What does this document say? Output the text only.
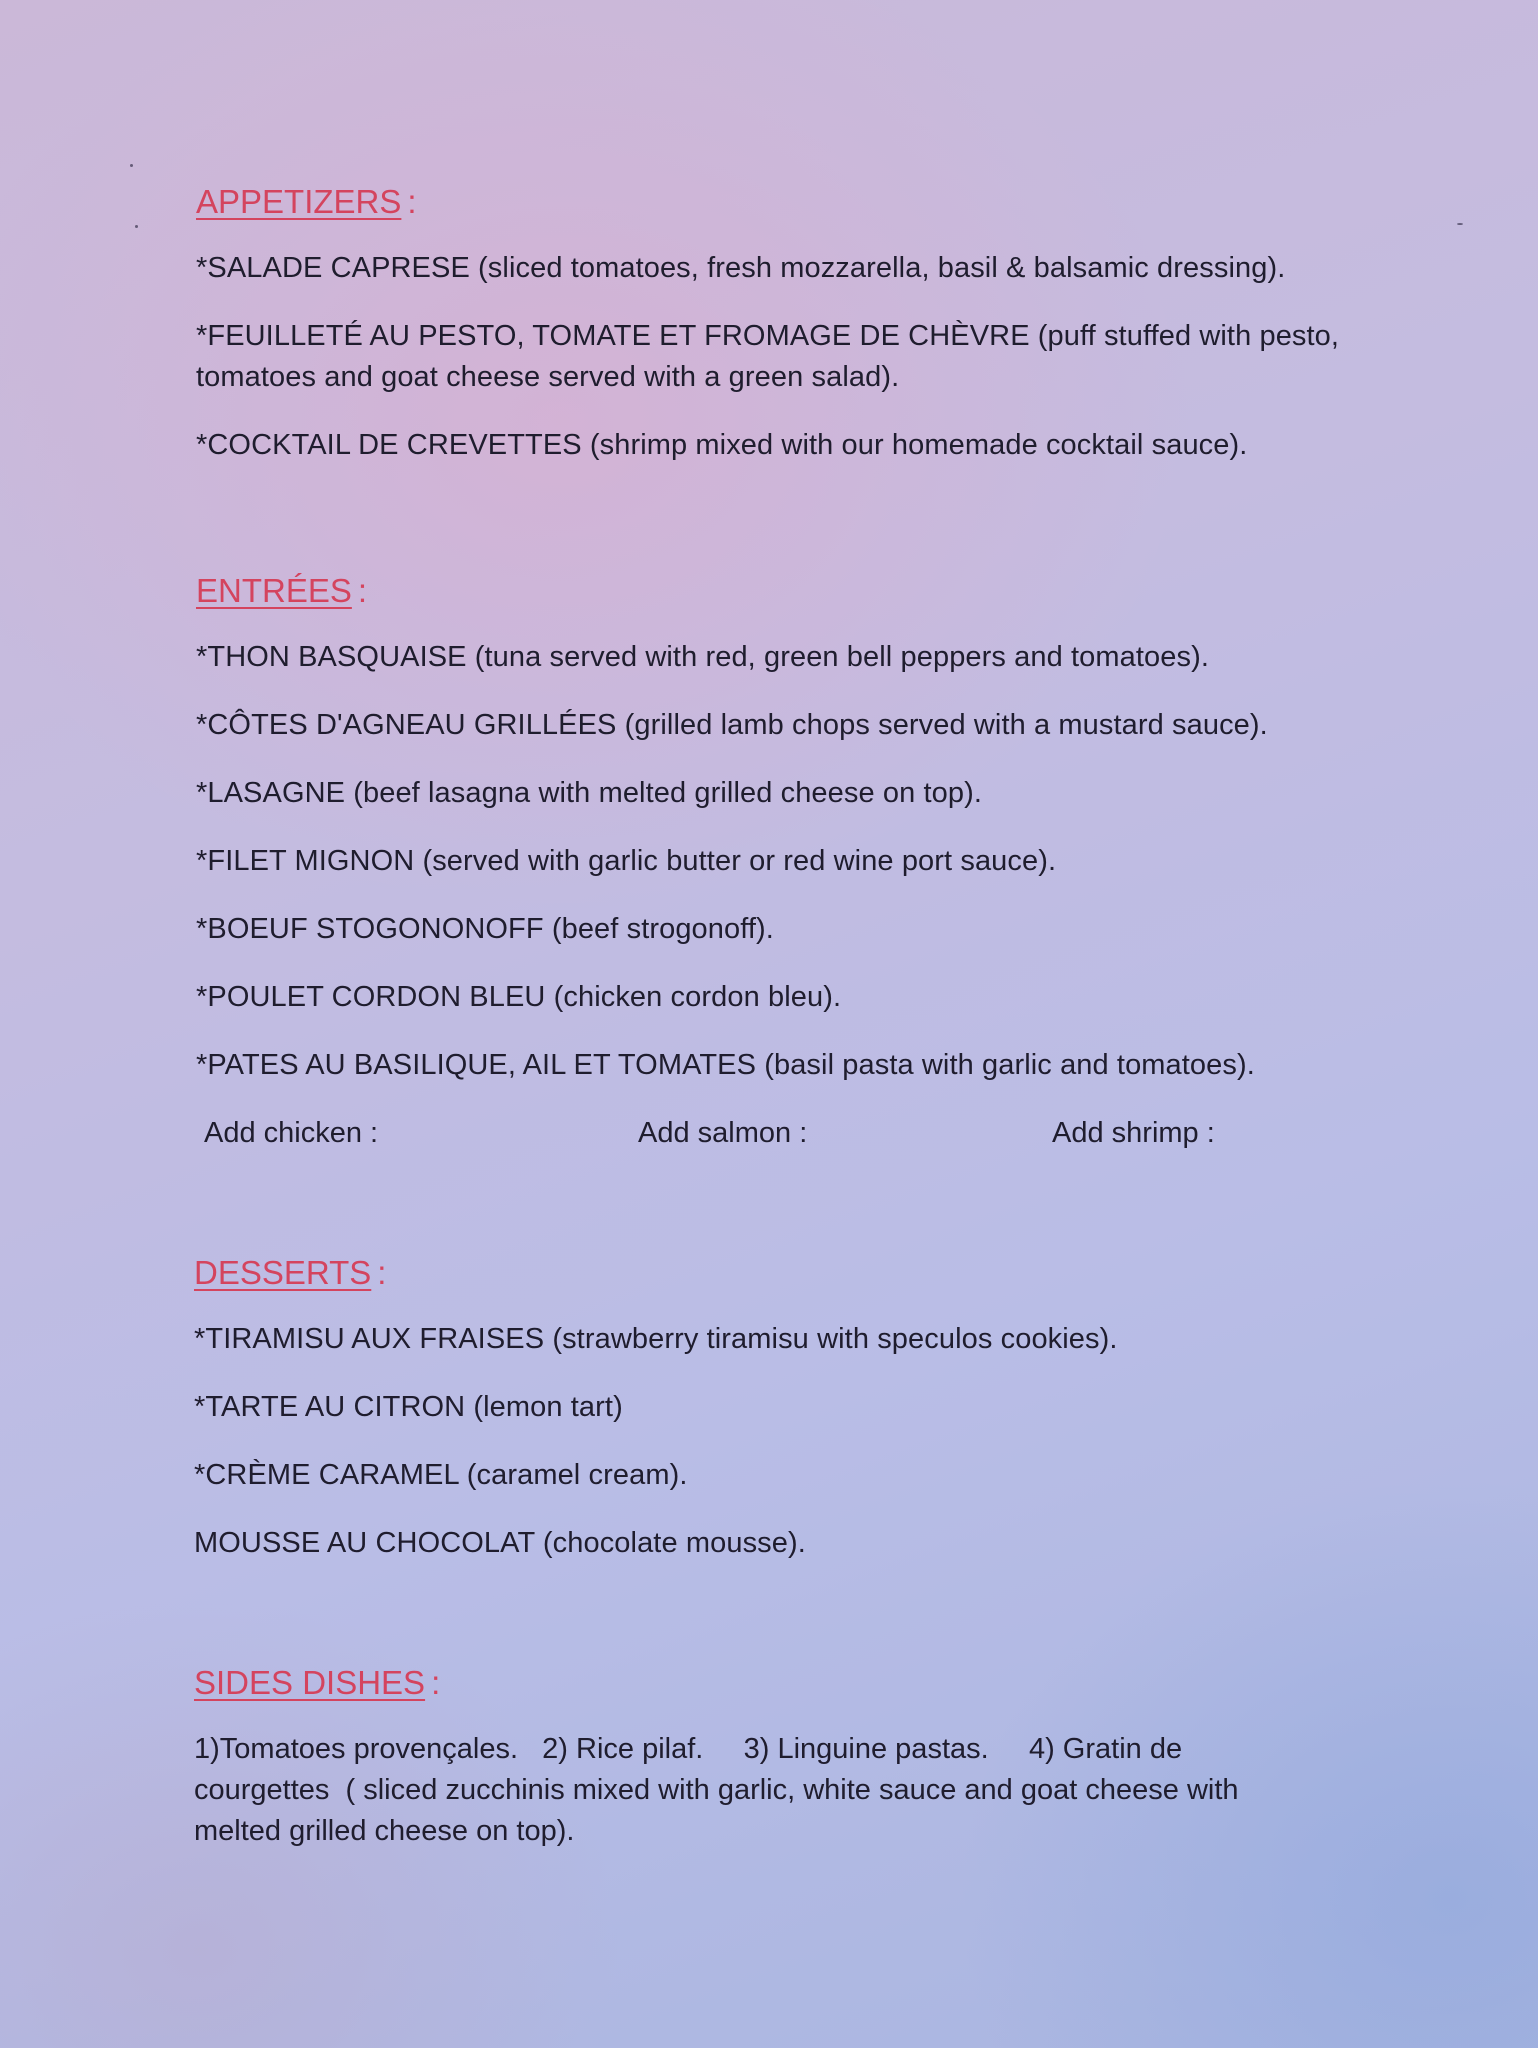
APPETIZERS :
*SALADE CAPRESE (sliced tomatoes, fresh mozzarella, basil & balsamic dressing).
*FEUILLETÉ AU PESTO, TOMATE ET FROMAGE DE CHÈVRE (puff stuffed with pesto, tomatoes and goat cheese served with a green salad).
*COCKTAIL DE CREVETTES (shrimp mixed with our homemade cocktail sauce).
ENTRÉES :
*THON BASQUAISE (tuna served with red, green bell peppers and tomatoes).
*CÔTES D'AGNEAU GRILLÉES (grilled lamb chops served with a mustard sauce).
*LASAGNE (beef lasagna with melted grilled cheese on top).
*FILET MIGNON (served with garlic butter or red wine port sauce).
*BOEUF STOGONONOFF (beef strogonoff).
*POULET CORDON BLEU (chicken cordon bleu).
*PATES AU BASILIQUE, AIL ET TOMATES (basil pasta with garlic and tomatoes).
Add chicken :	Add salmon :	Add shrimp :
DESSERTS :
*TIRAMISU AUX FRAISES (strawberry tiramisu with speculos cookies).
*TARTE AU CITRON (lemon tart)
*CRÈME CARAMEL (caramel cream).
MOUSSE AU CHOCOLAT (chocolate mousse).
SIDES DISHES :
1)Tomatoes provençales.   2) Rice pilaf.     3) Linguine pastas.     4) Gratin de courgettes  ( sliced zucchinis mixed with garlic, white sauce and goat cheese with melted grilled cheese on top).
